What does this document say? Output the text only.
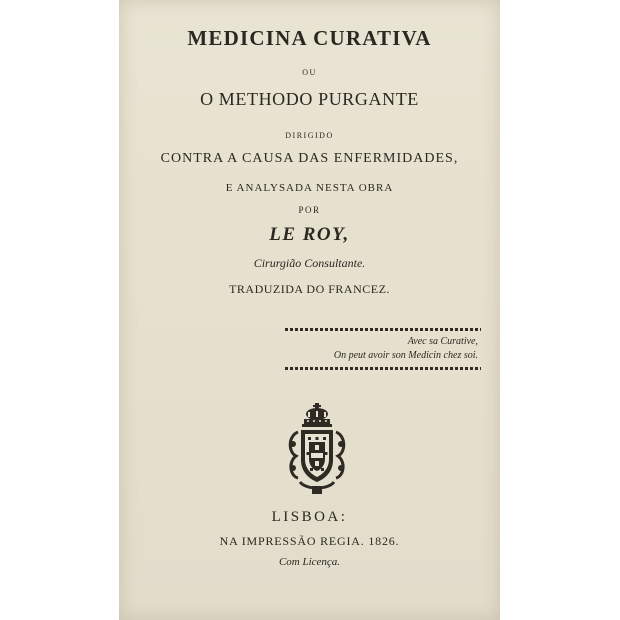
MEDICINA CURATIVA
OU
O METHODO PURGANTE
DIRIGIDO
CONTRA A CAUSA DAS ENFERMIDADES,
E ANALYSADA NESTA OBRA
POR
LE ROY,
Cirurgião Consultante.
TRADUZIDA DO FRANCEZ.
Avec sa Curative,
On peut avoir son Medicin chez soi.
LISBOA:
NA IMPRESSÃO REGIA. 1826.
Com Licença.
